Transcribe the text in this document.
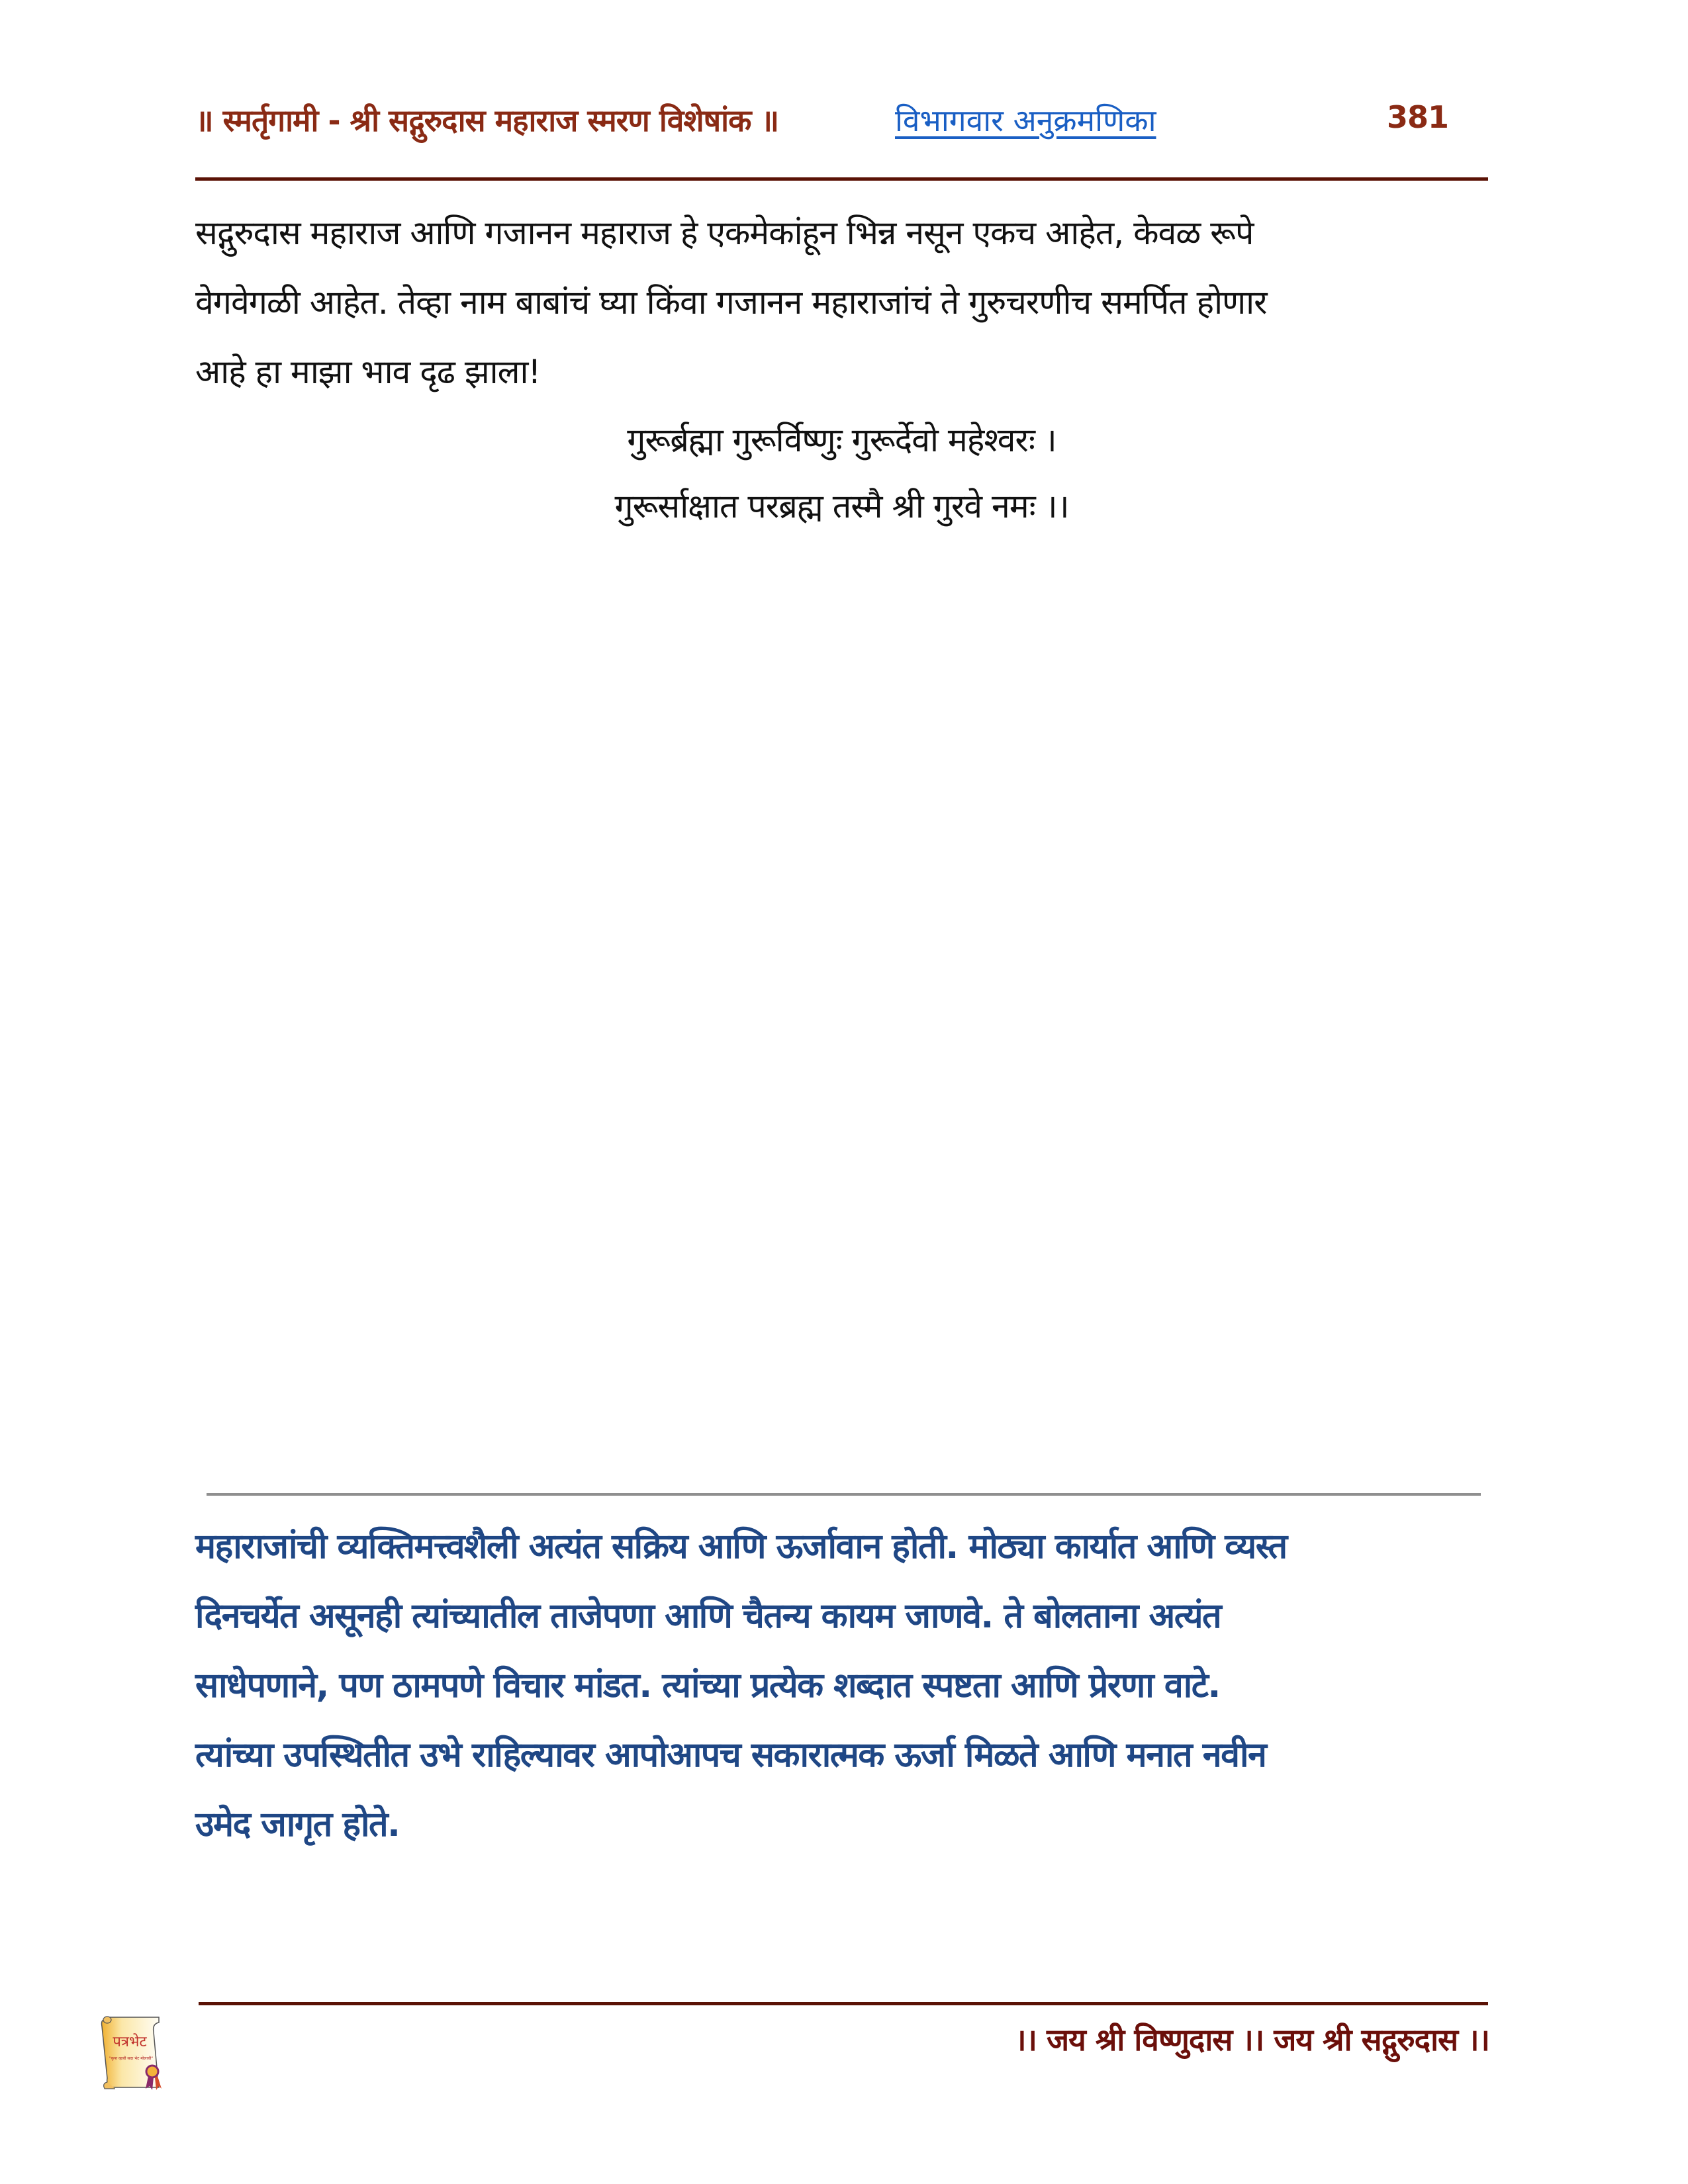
॥ स्मर्तृगामी - श्री सद्गुरुदास महाराज स्मरण विशेषांक ॥	विभागवार अनुक्रमणिका	381
सद्गुरुदास महाराज आणि गजानन महाराज हे एकमेकांहून भिन्न नसून एकच आहेत, केवळ रूपे
वेगवेगळी आहेत. तेव्हा नाम बाबांचं घ्या किंवा गजानन महाराजांचं ते गुरुचरणीच समर्पित होणार
आहे हा माझा भाव दृढ झाला!
गुरूर्ब्रह्मा गुरूर्विष्णुः गुरूर्देवो महेश्वरः ।
गुरूर्साक्षात परब्रह्म तस्मै श्री गुरवे नमः ।।
महाराजांची व्यक्तिमत्त्वशैली अत्यंत सक्रिय आणि ऊर्जावान होती. मोठ्या कार्यात आणि व्यस्त
दिनचर्येत असूनही त्यांच्यातील ताजेपणा आणि चैतन्य कायम जाणवे. ते बोलताना अत्यंत
साधेपणाने, पण ठामपणे विचार मांडत. त्यांच्या प्रत्येक शब्दात स्पष्टता आणि प्रेरणा वाटे.
त्यांच्या उपस्थितीत उभे राहिल्यावर आपोआपच सकारात्मक ऊर्जा मिळते आणि मनात नवीन
उमेद जागृत होते.
पत्रभेट
"कृपा व्हावी सदा भेट मोलाची"
।। जय श्री विष्णुदास ।। जय श्री सद्गुरुदास ।।
